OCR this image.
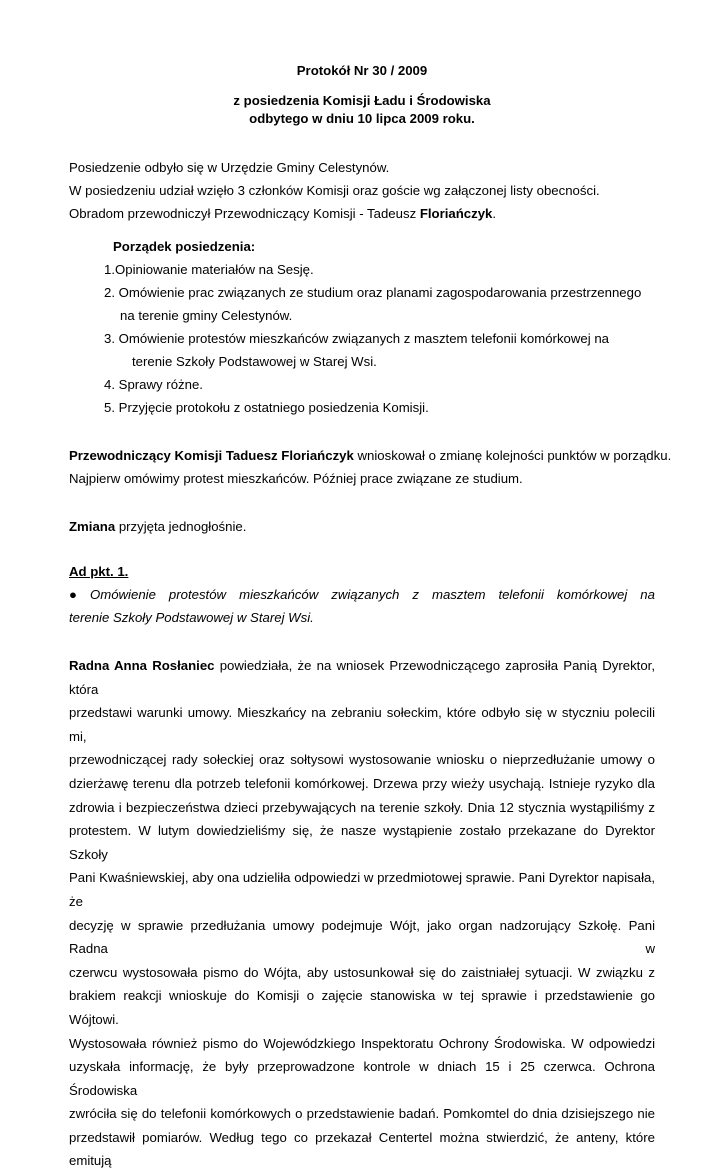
Protokół Nr 30 / 2009
z posiedzenia Komisji Ładu i Środowiska
odbytego w dniu 10 lipca 2009 roku.
Posiedzenie odbyło się w Urzędzie Gminy Celestynów.
W posiedzeniu udział wzięło 3 członków Komisji oraz goście wg załączonej listy obecności.
Obradom przewodniczył Przewodniczący Komisji - Tadeusz Floriańczyk.
Porządek posiedzenia:
1.Opiniowanie materiałów na Sesję.
2. Omówienie prac związanych ze studium oraz planami zagospodarowania przestrzennego
na terenie gminy Celestynów.
3. Omówienie protestów mieszkańców związanych z masztem telefonii komórkowej na
terenie Szkoły Podstawowej w Starej Wsi.
4. Sprawy różne.
5. Przyjęcie protokołu z ostatniego posiedzenia Komisji.
Przewodniczący Komisji Taduesz Floriańczyk wnioskował o zmianę kolejności punktów w porządku.
Najpierw omówimy protest mieszkańców. Później prace związane ze studium.
Zmiana przyjęta jednogłośnie.
Ad pkt. 1.
● Omówienie protestów mieszkańców związanych z masztem telefonii komórkowej na
terenie Szkoły Podstawowej w Starej Wsi.
Radna Anna Rosłaniec powiedziała, że na wniosek Przewodniczącego zaprosiła Panią Dyrektor, która
przedstawi warunki umowy. Mieszkańcy na zebraniu sołeckim, które odbyło się w styczniu polecili mi,
przewodniczącej rady sołeckiej oraz sołtysowi wystosowanie wniosku o nieprzedłużanie umowy o
dzierżawę terenu dla potrzeb telefonii komórkowej. Drzewa przy wieży usychają. Istnieje ryzyko dla
zdrowia i bezpieczeństwa dzieci przebywających na terenie szkoły. Dnia 12 stycznia wystąpiliśmy z
protestem. W lutym dowiedzieliśmy się, że nasze wystąpienie zostało przekazane do Dyrektor Szkoły
Pani Kwaśniewskiej, aby ona udzieliła odpowiedzi w przedmiotowej sprawie. Pani Dyrektor napisała, że
decyzję w sprawie przedłużania umowy podejmuje Wójt, jako organ nadzorujący Szkołę. Pani Radna w
czerwcu wystosowała pismo do Wójta, aby ustosunkował się do zaistniałej sytuacji. W związku z
brakiem reakcji wnioskuje do Komisji o zajęcie stanowiska w tej sprawie i przedstawienie go Wójtowi.
Wystosowała również pismo do Wojewódzkiego Inspektoratu Ochrony Środowiska. W odpowiedzi
uzyskała informację, że były przeprowadzone kontrole w dniach 15 i 25 czerwca. Ochrona Środowiska
zwróciła się do telefonii komórkowych o przedstawienie badań. Pomkomtel do dnia dzisiejszego nie
przedstawił pomiarów. Według tego co przekazał Centertel można stwierdzić, że anteny, które emitują
